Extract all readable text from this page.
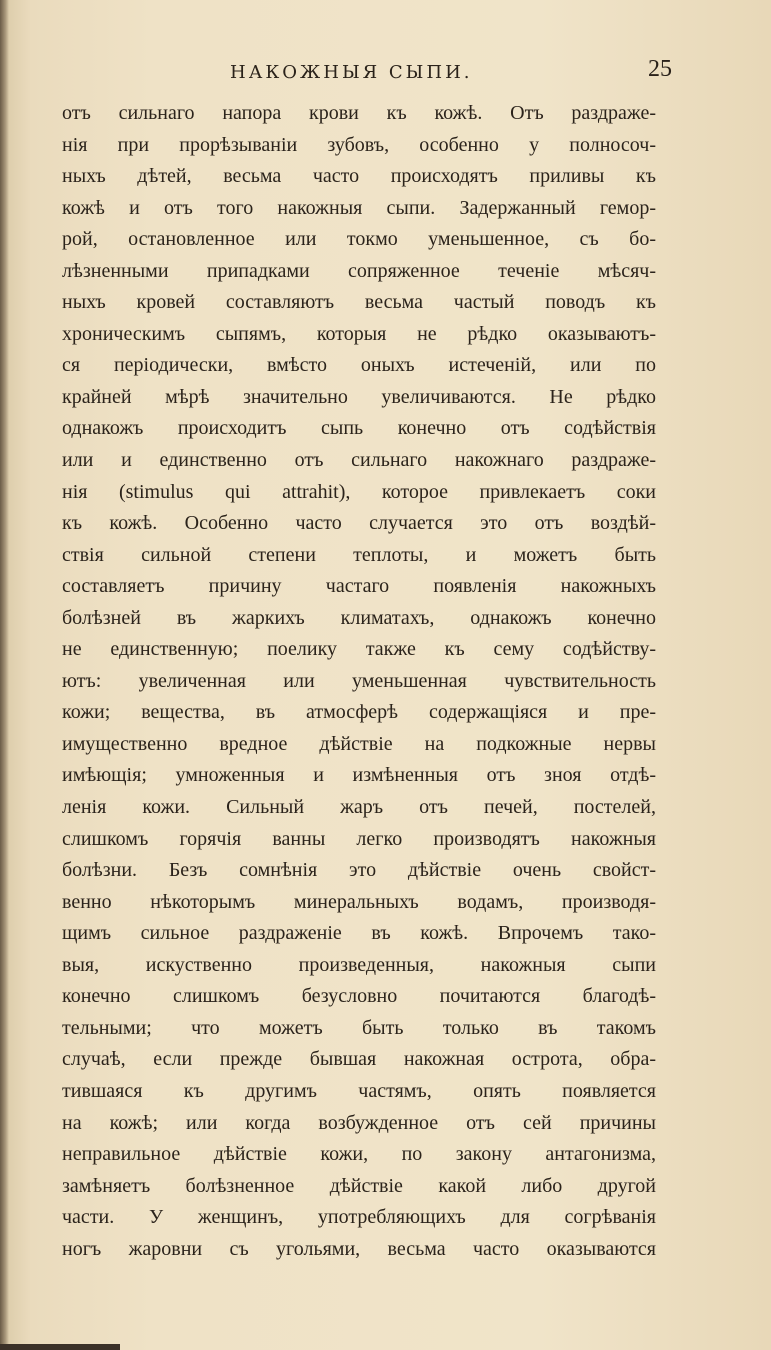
НАКОЖНЫЯ СЫПИ.	25
отъ сильнаго напора крови къ кожѣ. Отъ раздраже-
нія при прорѣзываніи зубовъ, особенно у полносоч-
ныхъ дѣтей, весьма часто происходятъ приливы къ
кожѣ и отъ того накожныя сыпи. Задержанный гемор-
рой, остановленное или токмо уменьшенное, съ бо-
лѣзненными припадками сопряженное теченіе мѣсяч-
ныхъ кровей составляютъ весьма частый поводъ къ
хроническимъ сыпямъ, которыя не рѣдко оказываютъ-
ся періодически, вмѣсто оныхъ истеченій, или по
крайней мѣрѣ значительно увеличиваются. Не рѣдко
однакожъ происходитъ сыпь конечно отъ содѣйствія
или и единственно отъ сильнаго накожнаго раздраже-
нія (stimulus qui attrahit), которое привлекаетъ соки
къ кожѣ. Особенно часто случается это отъ воздѣй-
ствія сильной степени теплоты, и можетъ быть
составляетъ причину частаго появленія накожныхъ
болѣзней въ жаркихъ климатахъ, однакожъ конечно
не единственную; поелику также къ сему содѣйству-
ютъ: увеличенная или уменьшенная чувствительность
кожи; вещества, въ атмосферѣ содержащіяся и пре-
имущественно вредное дѣйствіе на подкожные нервы
имѣющія; умноженныя и измѣненныя отъ зноя отдѣ-
ленія кожи. Сильный жаръ отъ печей, постелей,
слишкомъ горячія ванны легко производятъ накожныя
болѣзни. Безъ сомнѣнія это дѣйствіе очень свойст-
венно нѣкоторымъ минеральныхъ водамъ, производя-
щимъ сильное раздраженіе въ кожѣ. Впрочемъ тако-
выя, искуственно произведенныя, накожныя сыпи
конечно слишкомъ безусловно почитаются благодѣ-
тельными; что можетъ быть только въ такомъ
случаѣ, если прежде бывшая накожная острота, обра-
тившаяся къ другимъ частямъ, опять появляется
на кожѣ; или когда возбужденное отъ сей причины
неправильное дѣйствіе кожи, по закону антагонизма,
замѣняетъ болѣзненное дѣйствіе какой либо другой
части. У женщинъ, употребляющихъ для согрѣванія
ногъ жаровни съ угольями, весьма часто оказываются
